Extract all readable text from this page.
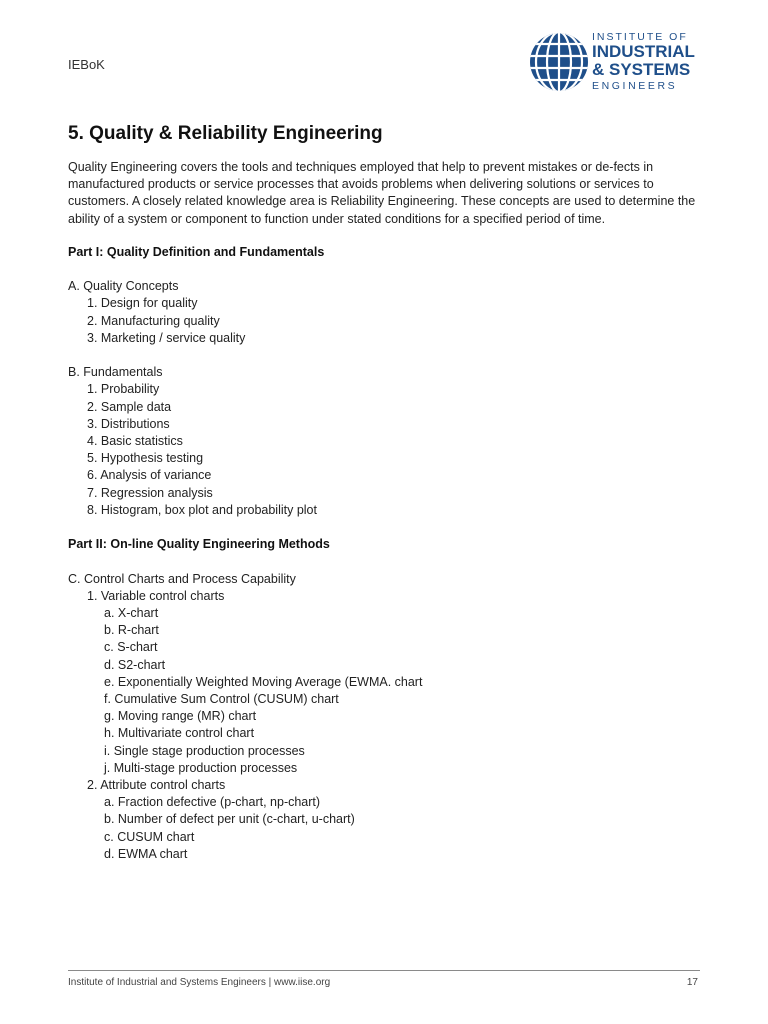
IEBoK
INSTITUTE OF
INDUSTRIAL
& SYSTEMS
ENGINEERS
5. Quality & Reliability Engineering

Quality Engineering covers the tools and techniques employed that help to prevent mistakes or de-fects in manufactured products or service processes that avoids problems when delivering solutions or services to customers. A closely related knowledge area is Reliability Engineering. These concepts are used to determine the ability of a system or component to function under stated conditions for a specified period of time.

Part I: Quality Definition and Fundamentals
A. Quality Concepts
1. Design for quality
2. Manufacturing quality
3. Marketing / service quality
B. Fundamentals
1. Probability
2. Sample data
3. Distributions
4. Basic statistics
5. Hypothesis testing
6. Analysis of variance
7. Regression analysis
8. Histogram, box plot and probability plot
Part II: On-line Quality Engineering Methods
C. Control Charts and Process Capability
1. Variable control charts
a. X-chart
b. R-chart
c. S-chart
d. S2-chart
e. Exponentially Weighted Moving Average (EWMA. chart
f. Cumulative Sum Control (CUSUM) chart
g. Moving range (MR) chart
h. Multivariate control chart
i. Single stage production processes
j. Multi-stage production processes
2. Attribute control charts
a. Fraction defective (p-chart, np-chart)
b. Number of defect per unit (c-chart, u-chart)
c. CUSUM chart
d. EWMA chart
Institute of Industrial and Systems Engineers | www.iise.org	17
